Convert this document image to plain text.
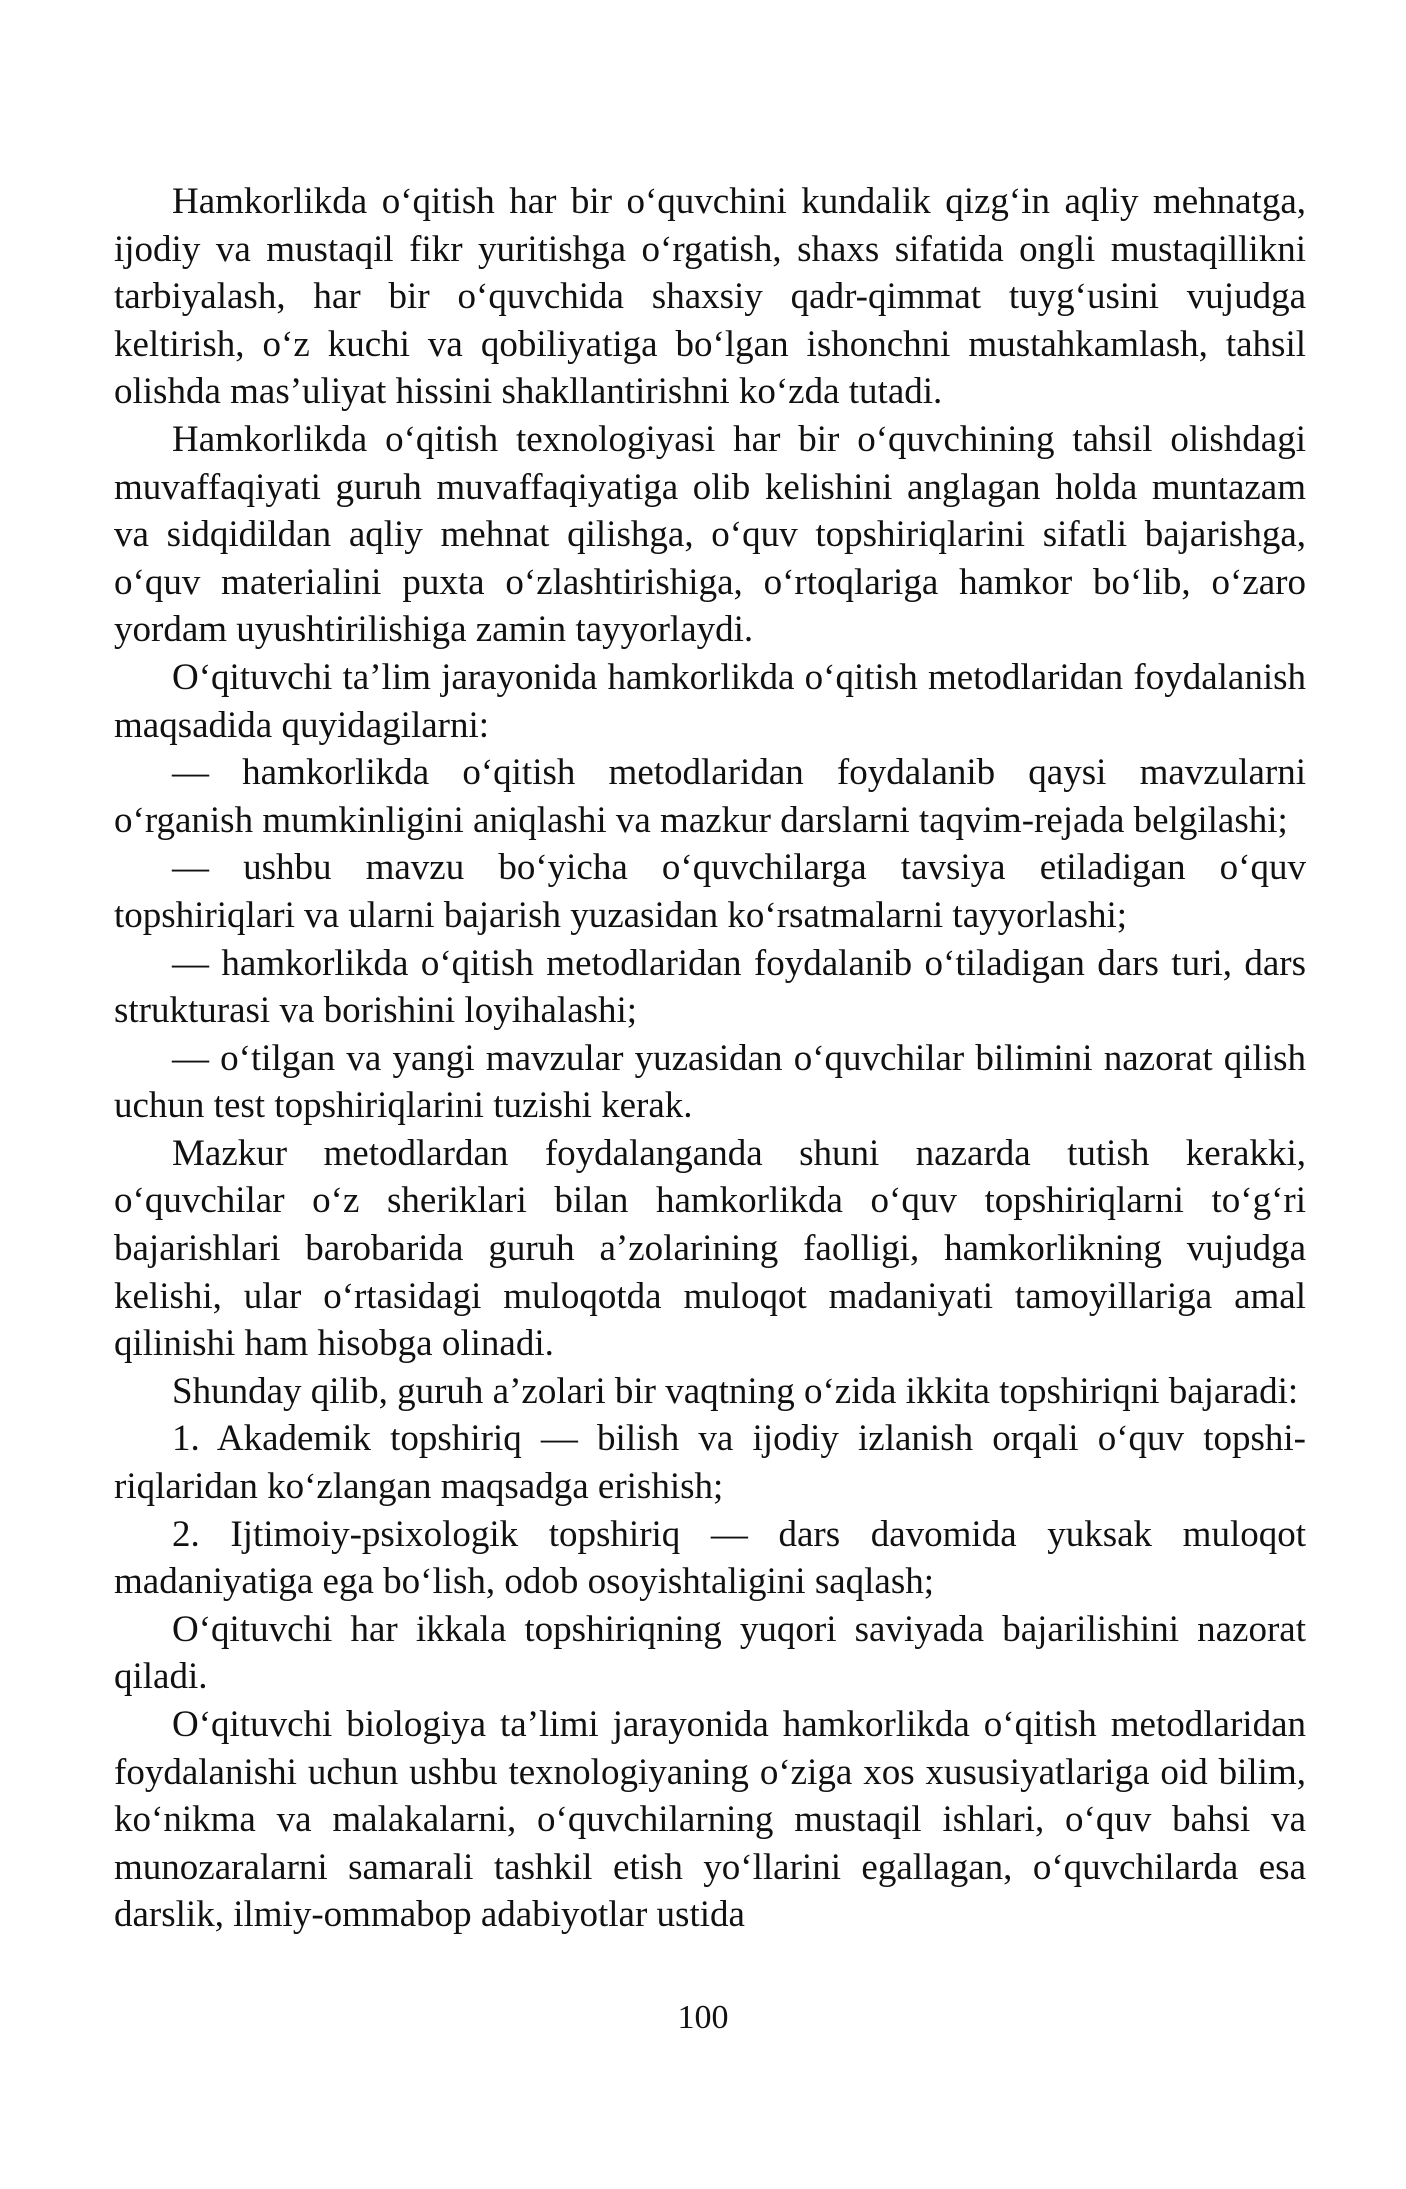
Hamkorlikda o‘qitish har bir o‘quvchini kundalik qizg‘in aqliy mehnatga, ijodiy va mustaqil fikr yuritishga o‘rgatish, shaxs sifatida ongli mustaqillikni tarbiyalash, har bir o‘quvchida shaxsiy qadr-qimmat tuyg‘usini vujudga keltirish, o‘z kuchi va qobiliyatiga bo‘lgan ishonchni mustahkamlash, tahsil olishda mas’uliyat hissini shakllantirishni ko‘zda tutadi.

Hamkorlikda o‘qitish texnologiyasi har bir o‘quvchining tahsil olishdagi muvaffaqiyati guruh muvaffaqiyatiga olib kelishini anglagan holda muntazam va sidqidildan aqliy mehnat qilishga, o‘quv topshiriqlarini sifatli bajarishga, o‘quv materialini puxta o‘zlashtirishiga, o‘rtoqlariga hamkor bo‘lib, o‘zaro yordam uyushtirilishiga zamin tayyorlaydi.

O‘qituvchi ta’lim jarayonida hamkorlikda o‘qitish metodlaridan foydalanish maqsadida quyidagilarni:

— hamkorlikda o‘qitish metodlaridan foydalanib qaysi mavzularni o‘rganish mumkinligini aniqlashi va mazkur darslarni taqvim-rejada belgilashi;

— ushbu mavzu bo‘yicha o‘quvchilarga tavsiya etiladigan o‘quv topshiriqlari va ularni bajarish yuzasidan ko‘rsatmalarni tayyorlashi;

— hamkorlikda o‘qitish metodlaridan foydalanib o‘tiladigan dars turi, dars strukturasi va borishini loyihalashi;

— o‘tilgan va yangi mavzular yuzasidan o‘quvchilar bilimini nazorat qilish uchun test topshiriqlarini tuzishi kerak.

Mazkur metodlardan foydalanganda shuni nazarda tutish kerakki, o‘quvchilar o‘z sheriklari bilan hamkorlikda o‘quv topshiriqlarni to‘g‘ri bajarishlari barobarida guruh a’zolarining faolligi, hamkorlikning vujudga kelishi, ular o‘rtasidagi muloqotda muloqot madaniyati tamoyillariga amal qilinishi ham hisobga olinadi.

Shunday qilib, guruh a’zolari bir vaqtning o‘zida ikkita topshiriqni bajaradi:

1. Akademik topshiriq — bilish va ijodiy izlanish orqali o‘quv topshiriqlaridan ko‘zlangan maqsadga erishish;

2. Ijtimoiy-psixologik topshiriq — dars davomida yuksak muloqot madaniyatiga ega bo‘lish, odob osoyishtaligini saqlash;

O‘qituvchi har ikkala topshiriqning yuqori saviyada bajarilishini nazorat qiladi.

O‘qituvchi biologiya ta’limi jarayonida hamkorlikda o‘qitish metodlaridan foydalanishi uchun ushbu texnologiyaning o‘ziga xos xususiyatlariga oid bilim, ko‘nikma va malakalarni, o‘quvchilarning mustaqil ishlari, o‘quv bahsi va munozaralarni samarali tashkil etish yo‘llarini egallagan, o‘quvchilarda esa darslik, ilmiy-ommabop adabiyotlar ustida

100
